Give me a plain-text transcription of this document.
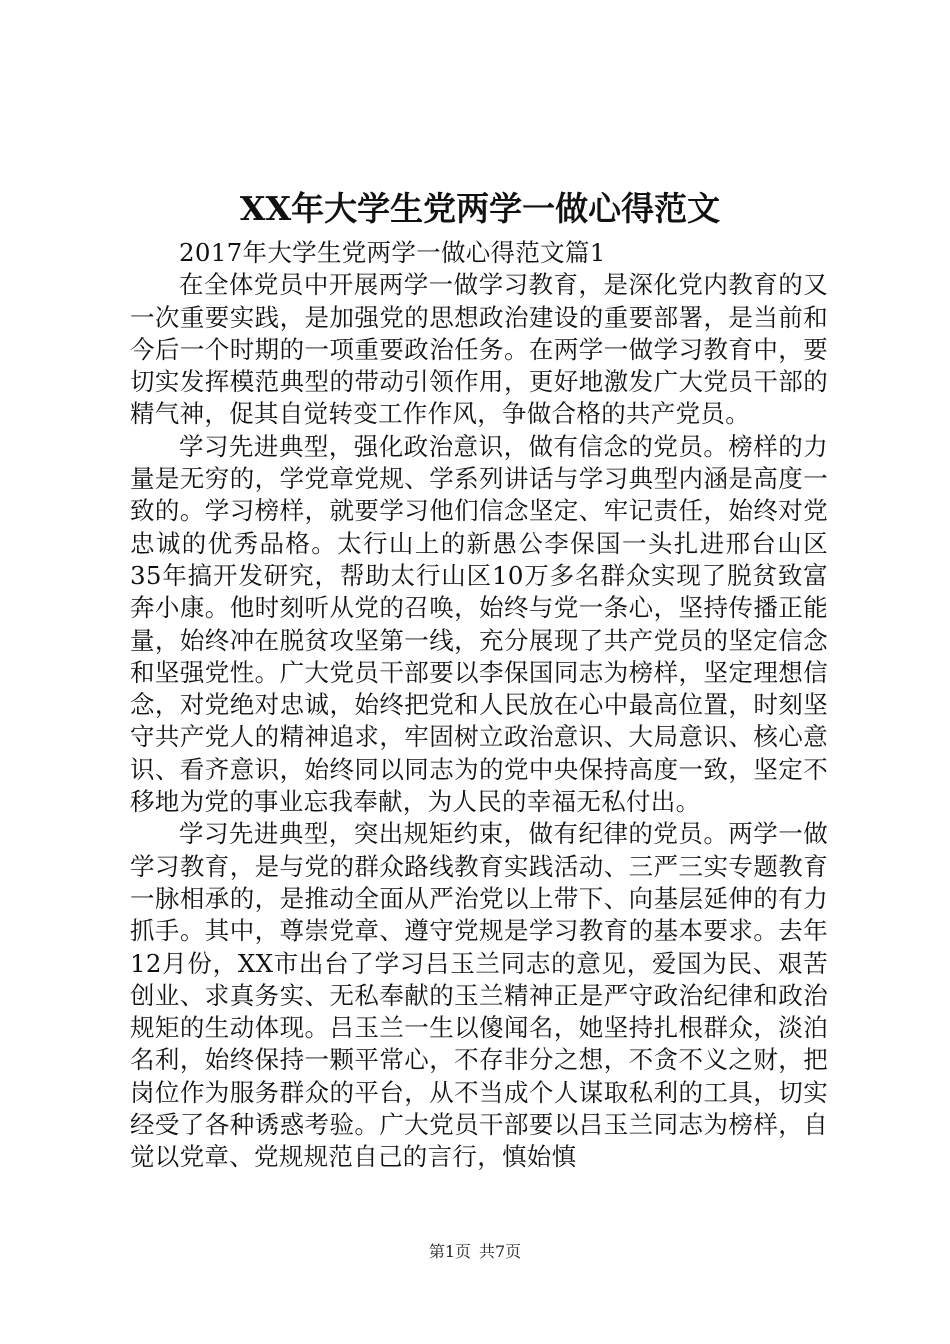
XX年大学生党两学一做心得范文

2017年大学生党两学一做心得范文篇1

在全体党员中开展两学一做学习教育，是深化党内教育的又一次重要实践，是加强党的思想政治建设的重要部署，是当前和今后一个时期的一项重要政治任务。在两学一做学习教育中，要切实发挥模范典型的带动引领作用，更好地激发广大党员干部的精气神，促其自觉转变工作作风，争做合格的共产党员。

学习先进典型，强化政治意识，做有信念的党员。榜样的力量是无穷的，学党章党规、学系列讲话与学习典型内涵是高度一致的。学习榜样，就要学习他们信念坚定、牢记责任，始终对党忠诚的优秀品格。太行山上的新愚公李保国一头扎进邢台山区35年搞开发研究，帮助太行山区10万多名群众实现了脱贫致富奔小康。他时刻听从党的召唤，始终与党一条心，坚持传播正能量，始终冲在脱贫攻坚第一线，充分展现了共产党员的坚定信念和坚强党性。广大党员干部要以李保国同志为榜样，坚定理想信念，对党绝对忠诚，始终把党和人民放在心中最高位置，时刻坚守共产党人的精神追求，牢固树立政治意识、大局意识、核心意识、看齐意识，始终同以同志为的党中央保持高度一致，坚定不移地为党的事业忘我奉献，为人民的幸福无私付出。

学习先进典型，突出规矩约束，做有纪律的党员。两学一做学习教育，是与党的群众路线教育实践活动、三严三实专题教育一脉相承的，是推动全面从严治党以上带下、向基层延伸的有力抓手。其中，尊崇党章、遵守党规是学习教育的基本要求。去年12月份，XX市出台了学习吕玉兰同志的意见，爱国为民、艰苦创业、求真务实、无私奉献的玉兰精神正是严守政治纪律和政治规矩的生动体现。吕玉兰一生以傻闻名，她坚持扎根群众，淡泊名利，始终保持一颗平常心，不存非分之想，不贪不义之财，把岗位作为服务群众的平台，从不当成个人谋取私利的工具，切实经受了各种诱惑考验。广大党员干部要以吕玉兰同志为榜样，自觉以党章、党规规范自己的言行，慎始慎

第1页 共7页
